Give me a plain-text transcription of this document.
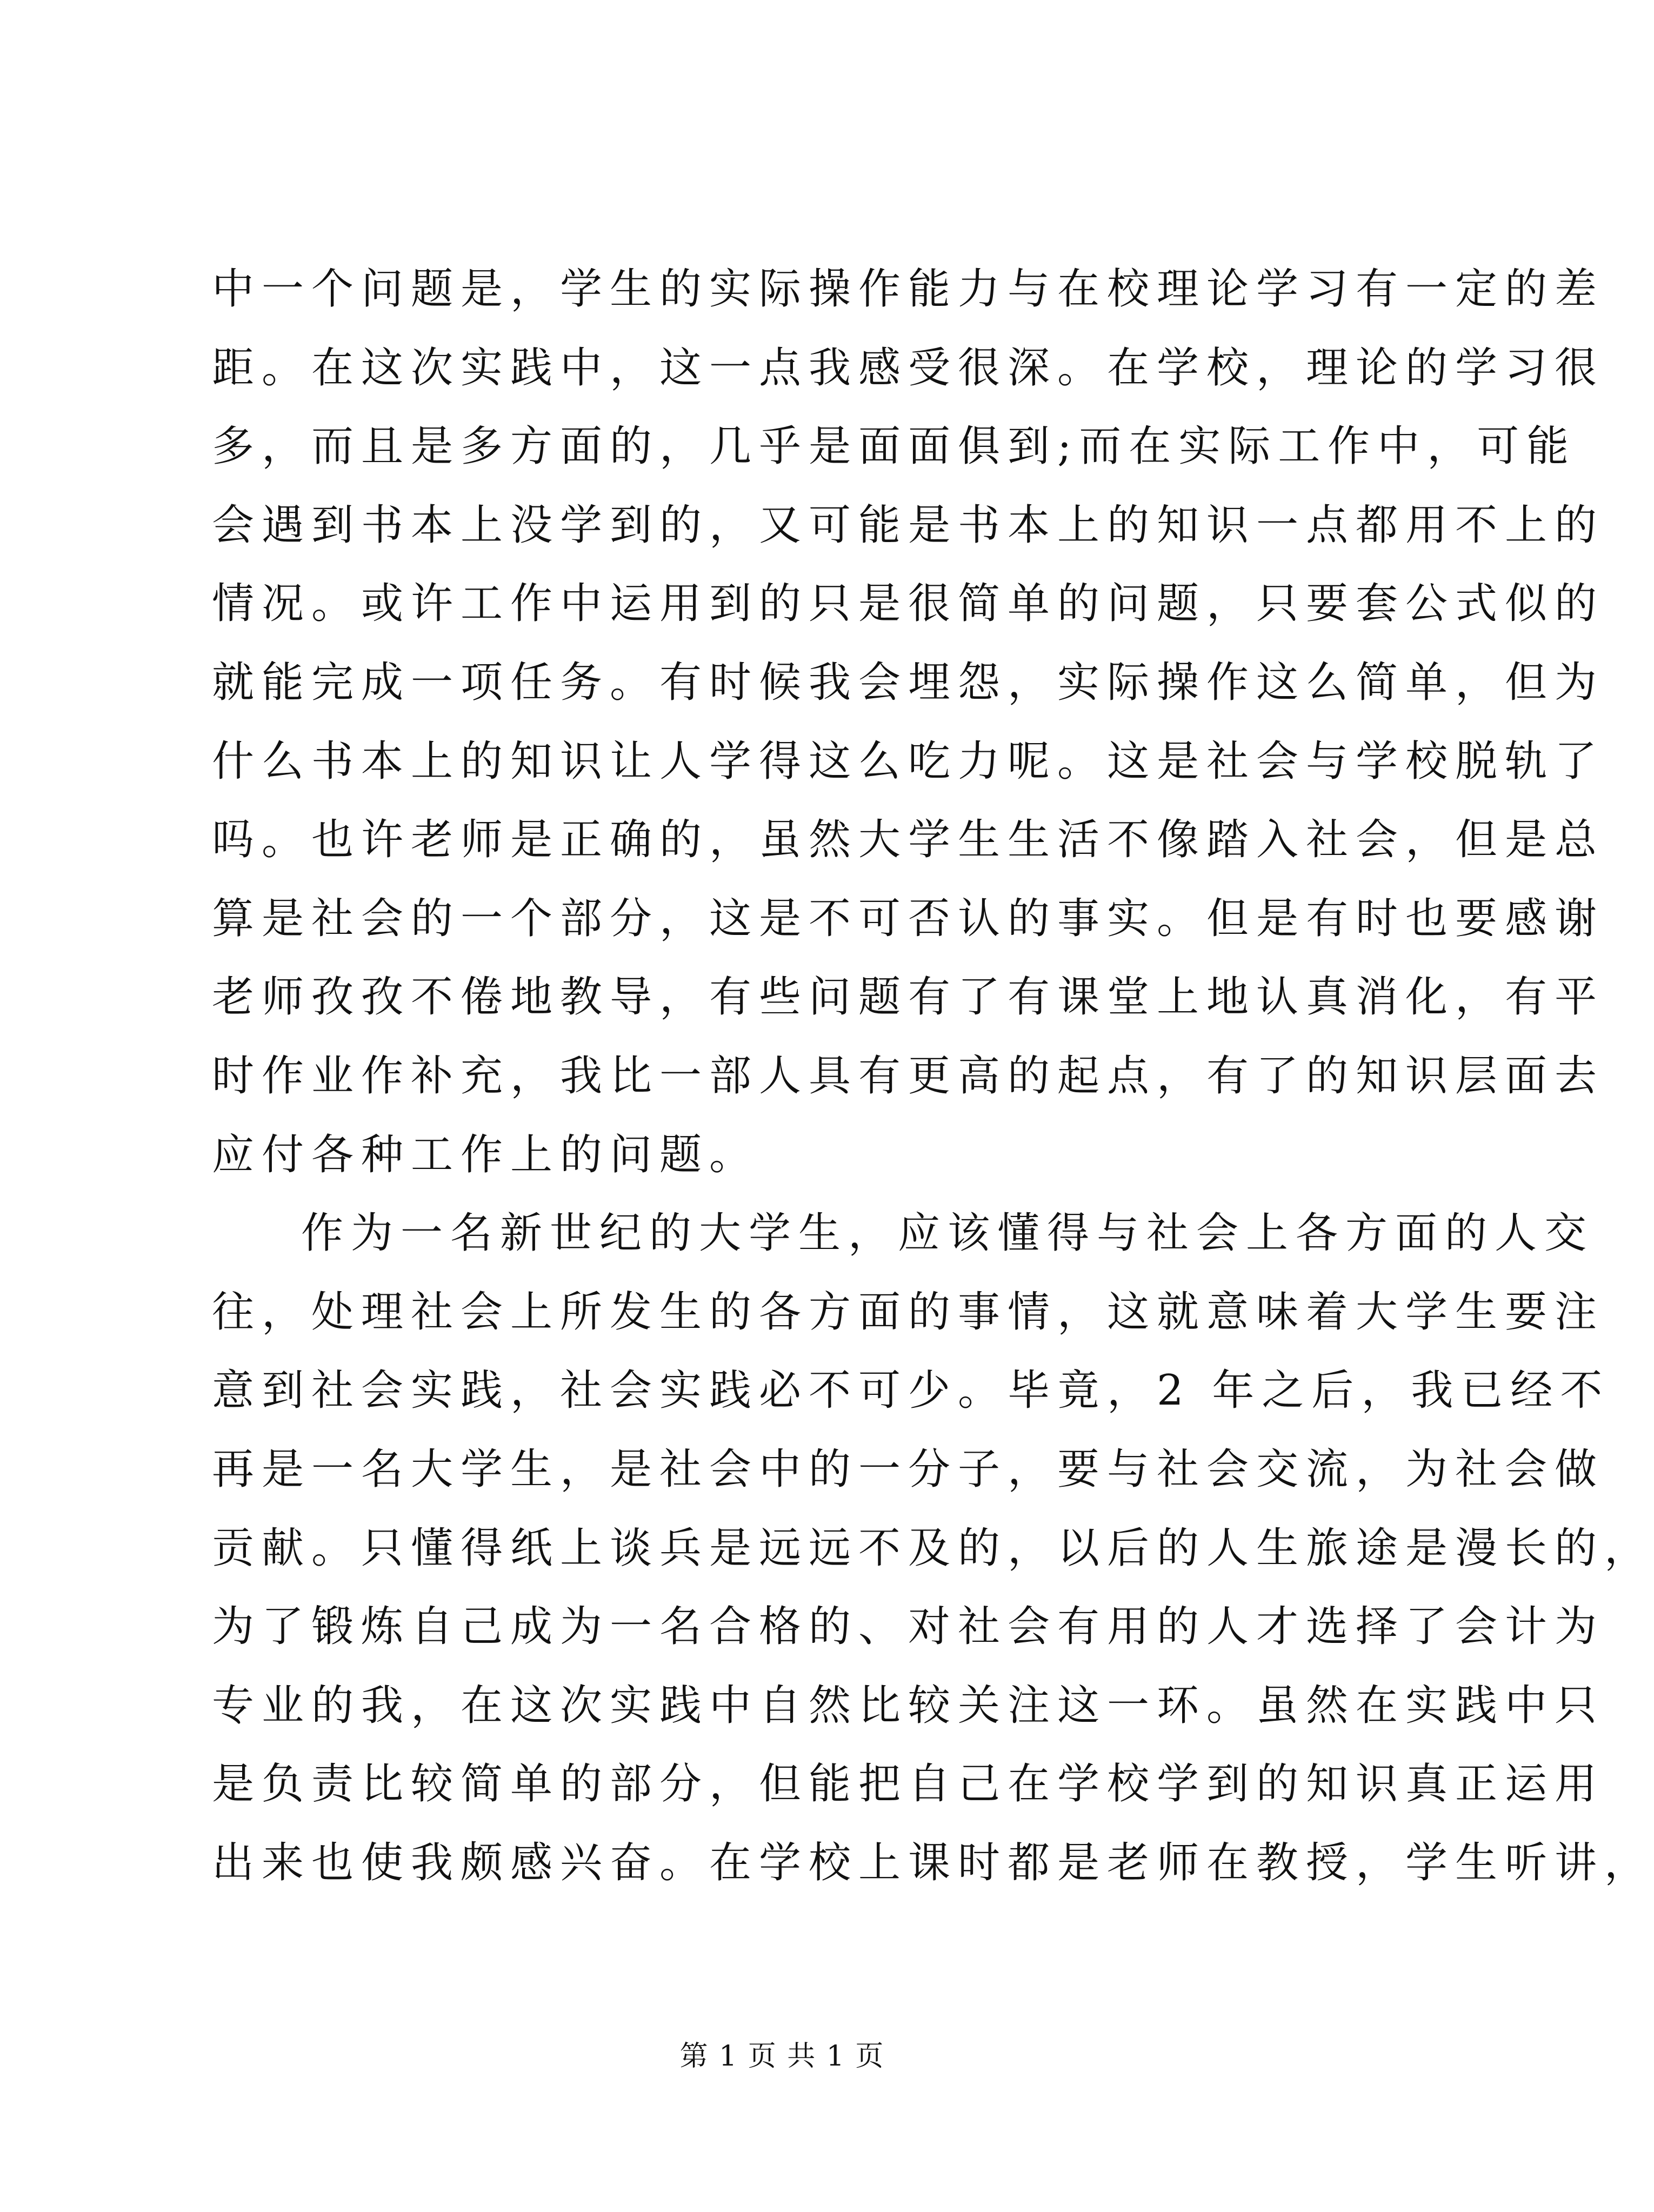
中一个问题是，学生的实际操作能力与在校理论学习有一定的差
距。在这次实践中，这一点我感受很深。在学校，理论的学习很
多，而且是多方面的，几乎是面面俱到;而在实际工作中，可能
会遇到书本上没学到的，又可能是书本上的知识一点都用不上的
情况。或许工作中运用到的只是很简单的问题，只要套公式似的
就能完成一项任务。有时候我会埋怨，实际操作这么简单，但为
什么书本上的知识让人学得这么吃力呢。这是社会与学校脱轨了
吗。也许老师是正确的，虽然大学生生活不像踏入社会，但是总
算是社会的一个部分，这是不可否认的事实。但是有时也要感谢
老师孜孜不倦地教导，有些问题有了有课堂上地认真消化，有平
时作业作补充，我比一部人具有更高的起点，有了的知识层面去
应付各种工作上的问题。
作为一名新世纪的大学生，应该懂得与社会上各方面的人交
往，处理社会上所发生的各方面的事情，这就意味着大学生要注
意到社会实践，社会实践必不可少。毕竟，2 年之后，我已经不
再是一名大学生，是社会中的一分子，要与社会交流，为社会做
贡献。只懂得纸上谈兵是远远不及的，以后的人生旅途是漫长的，
为了锻炼自己成为一名合格的、对社会有用的人才选择了会计为
专业的我，在这次实践中自然比较关注这一环。虽然在实践中只
是负责比较简单的部分，但能把自己在学校学到的知识真正运用
出来也使我颇感兴奋。在学校上课时都是老师在教授，学生听讲，
第 1 页 共 1 页
